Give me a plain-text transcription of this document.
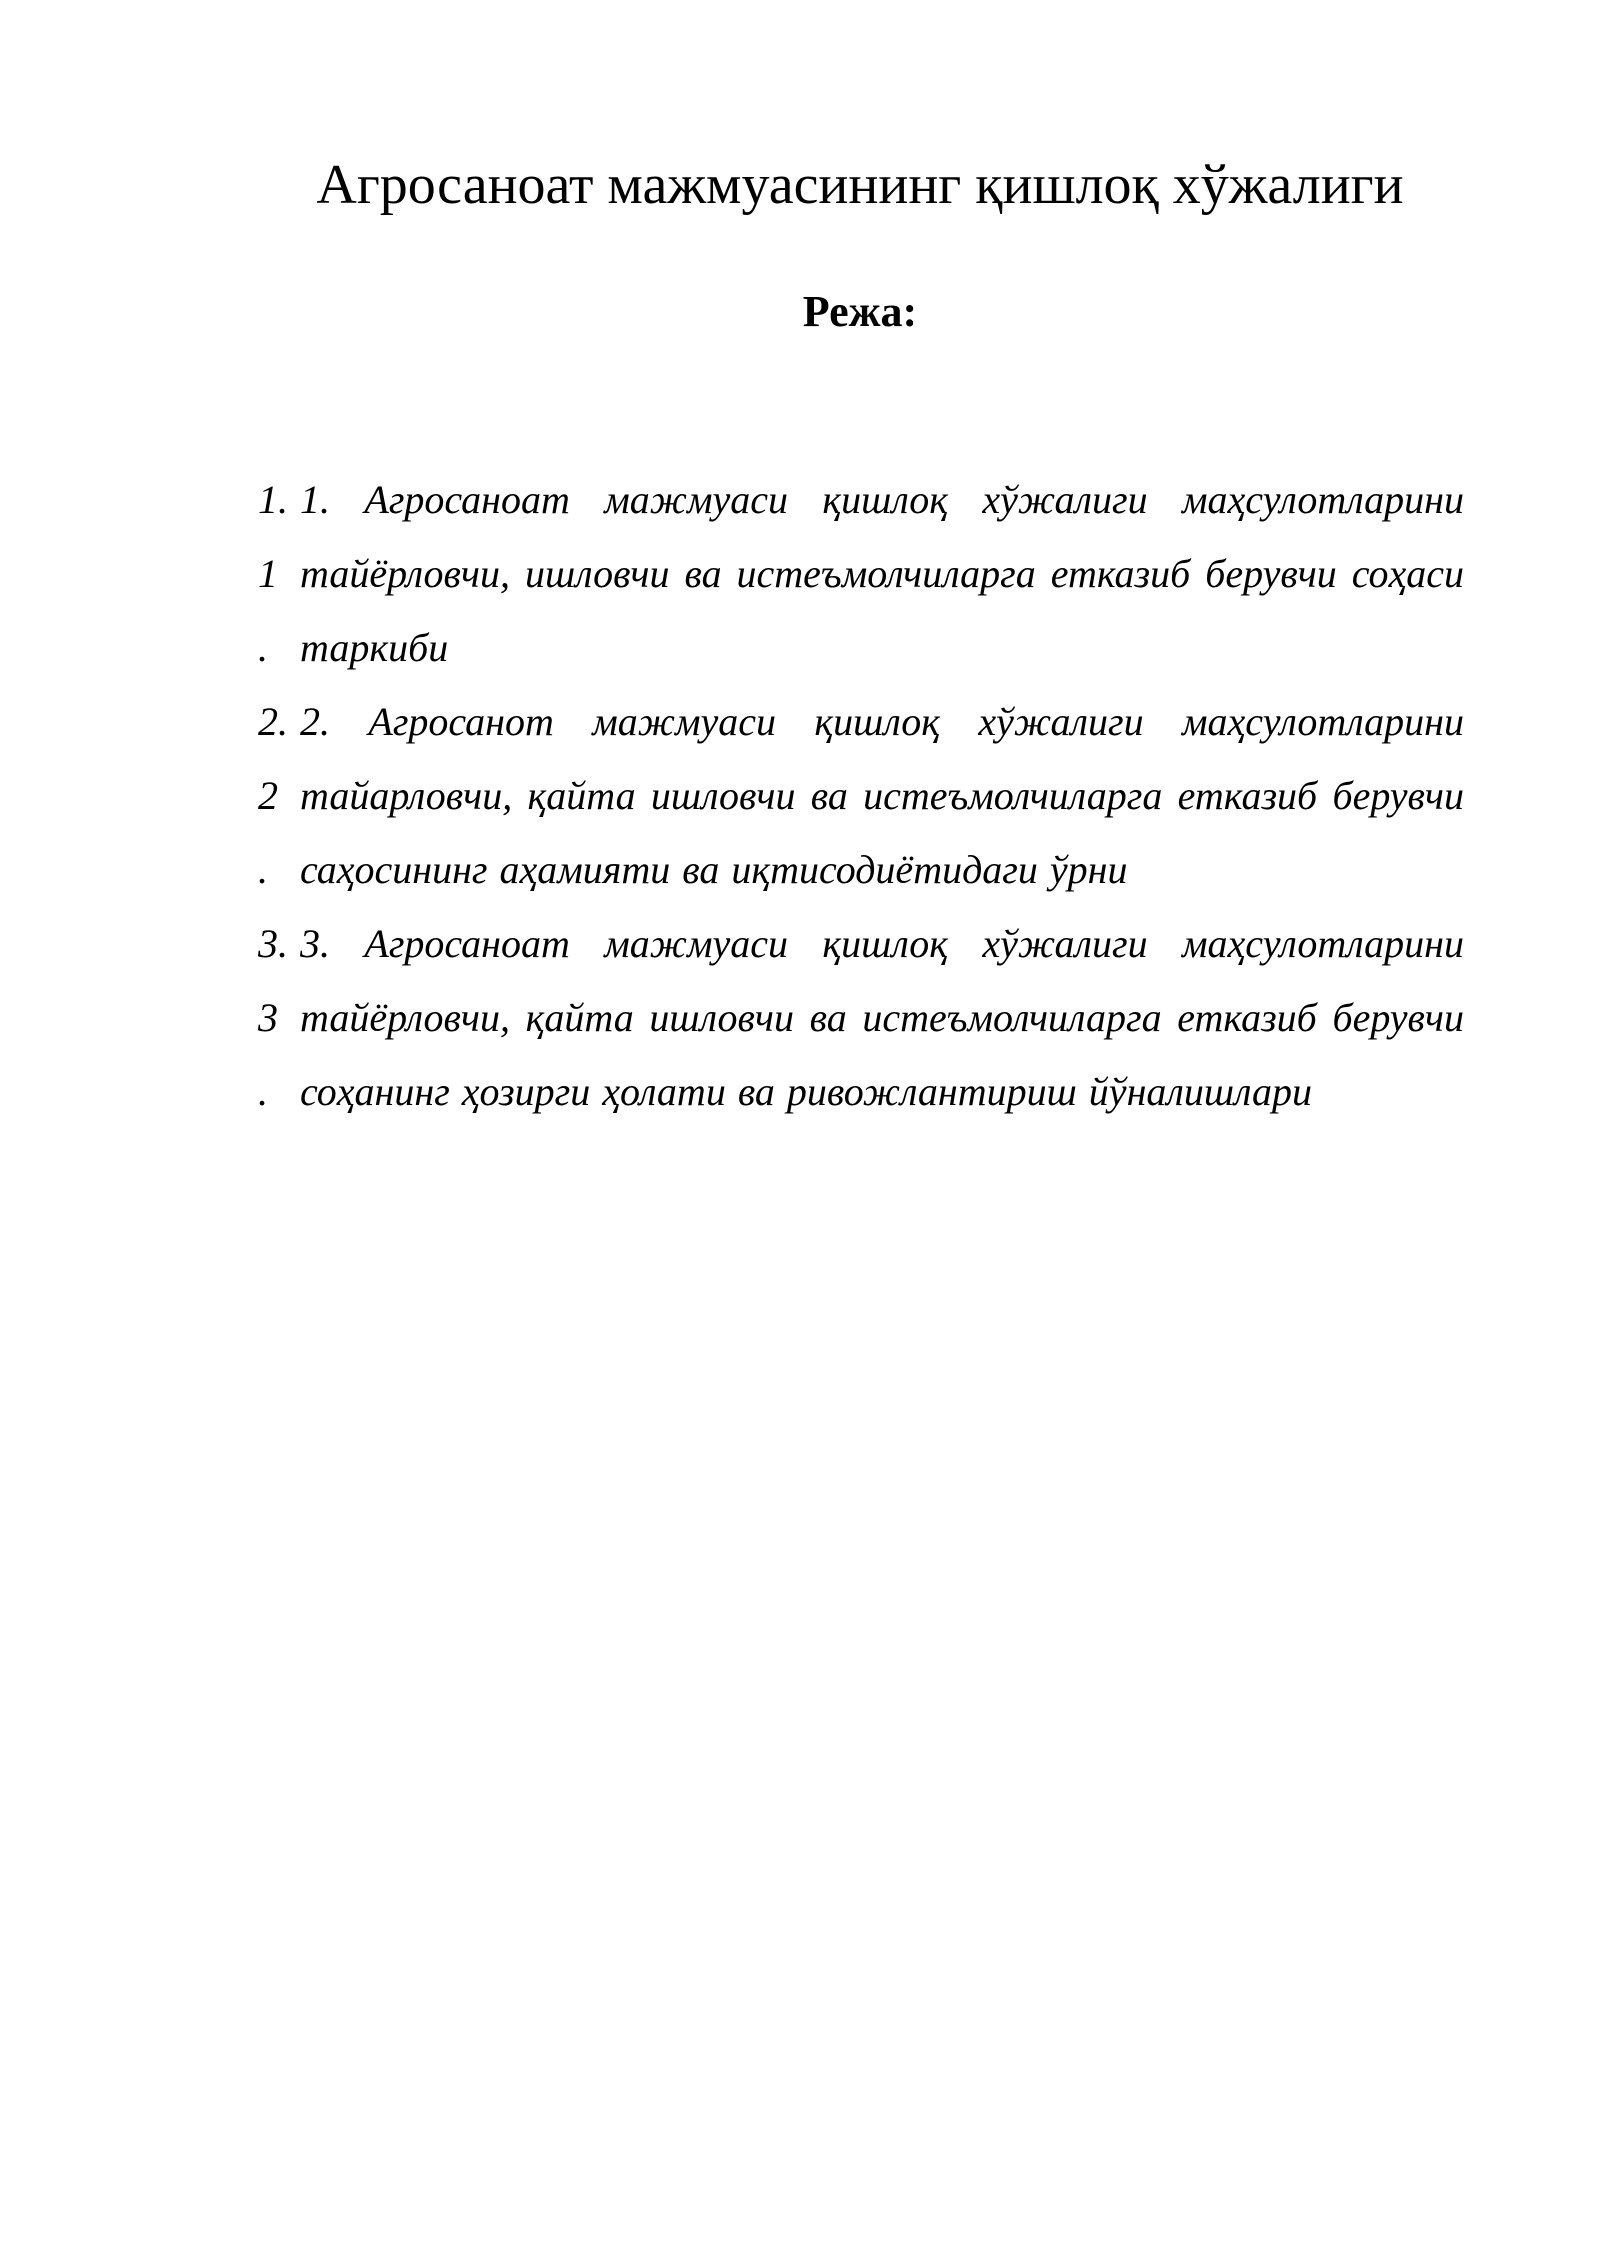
Агросаноат мажмуасининг қишлоқ хўжалиги
Режа:
1.
1
.
1. Агросаноат мажмуаси қишлоқ хўжалиги маҳсулотларини тайёрловчи, ишловчи ва истеъмолчиларга етказиб берувчи соҳаси таркиби
2.
2
.
2. Агросанот мажмуаси қишлоқ хўжалиги маҳсулотларини тайарловчи, қайта ишловчи ва истеъмолчиларга етказиб берувчи саҳосининг аҳамияти ва иқтисодиётидаги ўрни
3.
3
.
3. Агросаноат мажмуаси қишлоқ хўжалиги маҳсулотларини тайёрловчи, қайта ишловчи ва истеъмолчиларга етказиб берувчи соҳанинг ҳозирги ҳолати ва ривожлантириш йўналишлари
